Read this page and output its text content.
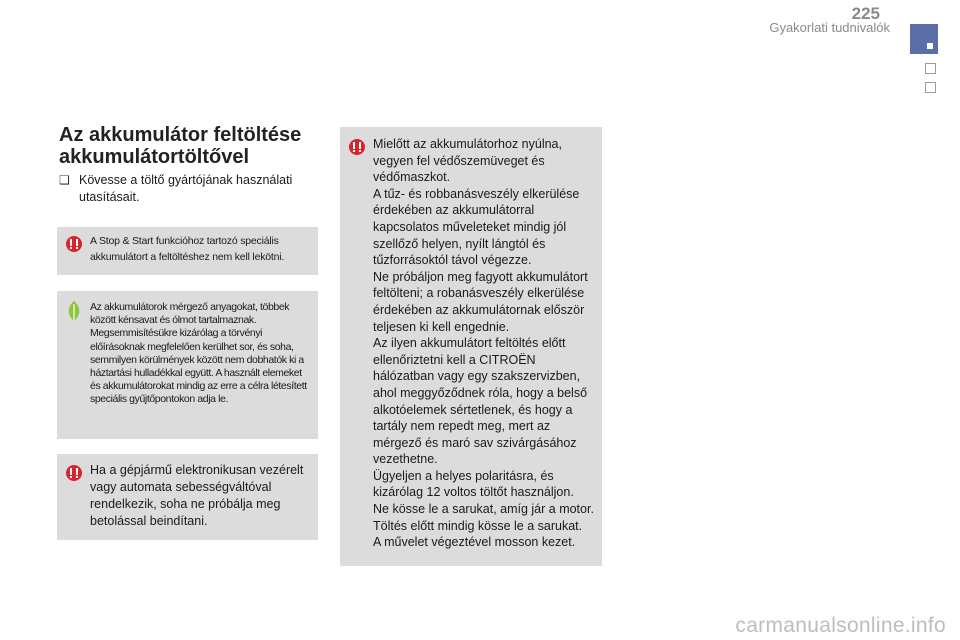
225
Gyakorlati tudnivalók
Az akkumulátor feltöltése
akkumulátortöltővel
❑ Kövesse a töltő gyártójának használati utasításait.
A Stop & Start funkcióhoz tartozó speciális akkumulátort a feltöltéshez nem kell lekötni.
Az akkumulátorok mérgező anyagokat, többek között kénsavat és ólmot tartalmaznak. Megsemmisítésükre kizárólag a törvényi előírásoknak megfelelően kerülhet sor, és soha, semmilyen körülmények között nem dobhatók ki a háztartási hulladékkal együtt. A használt elemeket és akkumulátorokat mindig az erre a célra létesített speciális gyűjtőpontokon adja le.
Ha a gépjármű elektronikusan vezérelt vagy automata sebességváltóval rendelkezik, soha ne próbálja meg betolással beindítani.
Mielőtt az akkumulátorhoz nyúlna, vegyen fel védőszemüveget és védőmaszkot.
A tűz- és robbanásveszély elkerülése érdekében az akkumulátorral kapcsolatos műveleteket mindig jól szellőző helyen, nyílt lángtól és tűzforrásoktól távol végezze.
Ne próbáljon meg fagyott akkumulátort feltölteni; a robanásveszély elkerülése érdekében az akkumulátornak először teljesen ki kell engednie.
Az ilyen akkumulátort feltöltés előtt ellenőriztetni kell a CITROËN hálózatban vagy egy szakszervizben, ahol meggyőződnek róla, hogy a belső alkotóelemek sértetlenek, és hogy a tartály nem repedt meg, mert az mérgező és maró sav szivárgásához vezethetne.
Ügyeljen a helyes polaritásra, és kizárólag 12 voltos töltőt használjon.
Ne kösse le a sarukat, amíg jár a motor.
Töltés előtt mindig kösse le a sarukat.
A művelet végeztével mosson kezet.
carmanualsonline.info
